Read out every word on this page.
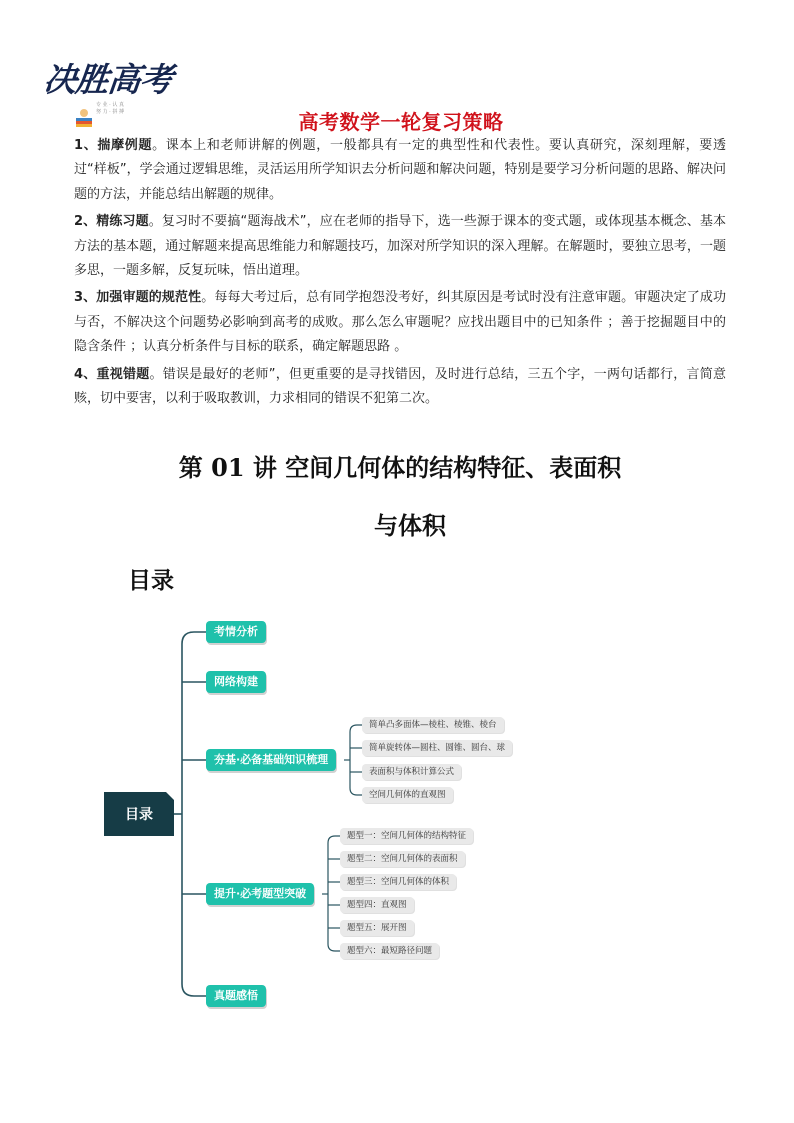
决胜高考
专 业 · 认 真
努 力 · 拼 搏	高考数学一轮复习策略

1、揣摩例题。课本上和老师讲解的例题，一般都具有一定的典型性和代表性。要认真研究，深刻理解，要透过“样板”，学会通过逻辑思维，灵活运用所学知识去分析问题和解决问题，特别是要学习分析问题的思路、解决问题的方法，并能总结出解题的规律。

2、精练习题。复习时不要搞“题海战术”，应在老师的指导下，选一些源于课本的变式题，或体现基本概念、基本方法的基本题，通过解题来提高思维能力和解题技巧，加深对所学知识的深入理解。在解题时，要独立思考，一题多思，一题多解，反复玩味，悟出道理。

3、加强审题的规范性。每每大考过后，总有同学抱怨没考好，纠其原因是考试时没有注意审题。审题决定了成功与否，不解决这个问题势必影响到高考的成败。那么怎么审题呢？应找出题目中的已知条件 ；善于挖掘题目中的隐含条件 ；认真分析条件与目标的联系，确定解题思路 。

4、重视错题。错误是最好的老师”，但更重要的是寻找错因，及时进行总结，三五个字，一两句话都行，言简意赅，切中要害，以利于吸取教训，力求相同的错误不犯第二次。

第 01 讲 空间几何体的结构特征、表面积
与体积
目录
目录
考情分析
网络构建
夯基·必备基础知识梳理
提升·必考题型突破
真题感悟
简单凸多面体—棱柱、棱锥、棱台
简单旋转体—圆柱、圆锥、圆台、球
表面积与体积计算公式
空间几何体的直观图
题型一：空间几何体的结构特征
题型二：空间几何体的表面积
题型三：空间几何体的体积
题型四：直观图
题型五：展开图
题型六：最短路径问题
